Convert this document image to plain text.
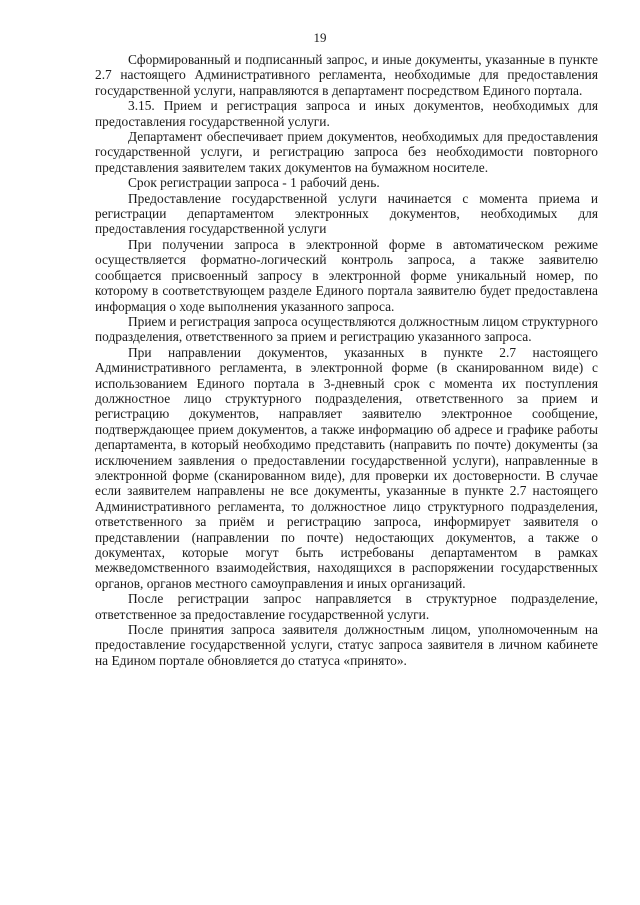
19

Сформированный и подписанный запрос, и иные документы, указанные в пункте 2.7 настоящего Административного регламента, необходимые для предоставления государственной услуги, направляются в департамент посредством Единого портала.

3.15. Прием и регистрация запроса и иных документов, необходимых для предоставления государственной услуги.

Департамент обеспечивает прием документов, необходимых для предоставления государственной услуги, и регистрацию запроса без необходимости повторного представления заявителем таких документов на бумажном носителе.

Срок регистрации запроса - 1 рабочий день.

Предоставление государственной услуги начинается с момента приема и регистрации департаментом электронных документов, необходимых для предоставления государственной услуги

При получении запроса в электронной форме в автоматическом режиме осуществляется форматно-логический контроль запроса, а также заявителю сообщается присвоенный запросу в электронной форме уникальный номер, по которому в соответствующем разделе Единого портала заявителю будет предоставлена информация о ходе выполнения указанного запроса.

Прием и регистрация запроса осуществляются должностным лицом структурного подразделения, ответственного за прием и регистрацию указанного запроса.

При направлении документов, указанных в пункте 2.7 настоящего Административного регламента, в электронной форме (в сканированном виде) с использованием Единого портала в 3-дневный срок с момента их поступления должностное лицо структурного подразделения, ответственного за прием и регистрацию документов, направляет заявителю электронное сообщение, подтверждающее прием документов, а также информацию об адресе и графике работы департамента, в который необходимо представить (направить по почте) документы (за исключением заявления о предоставлении государственной услуги), направленные в электронной форме (сканированном виде), для проверки их достоверности. В случае если заявителем направлены не все документы, указанные в пункте 2.7 настоящего Административного регламента, то должностное лицо структурного подразделения, ответственного за приём и регистрацию запроса, информирует заявителя о представлении (направлении по почте) недостающих документов, а также о документах, которые могут быть истребованы департаментом в рамках межведомственного взаимодействия, находящихся в распоряжении государственных органов, органов местного самоуправления и иных организаций.

После регистрации запрос направляется в структурное подразделение, ответственное за предоставление государственной услуги.

После принятия запроса заявителя должностным лицом, уполномоченным на предоставление государственной услуги, статус запроса заявителя в личном кабинете на Едином портале обновляется до статуса «принято».
